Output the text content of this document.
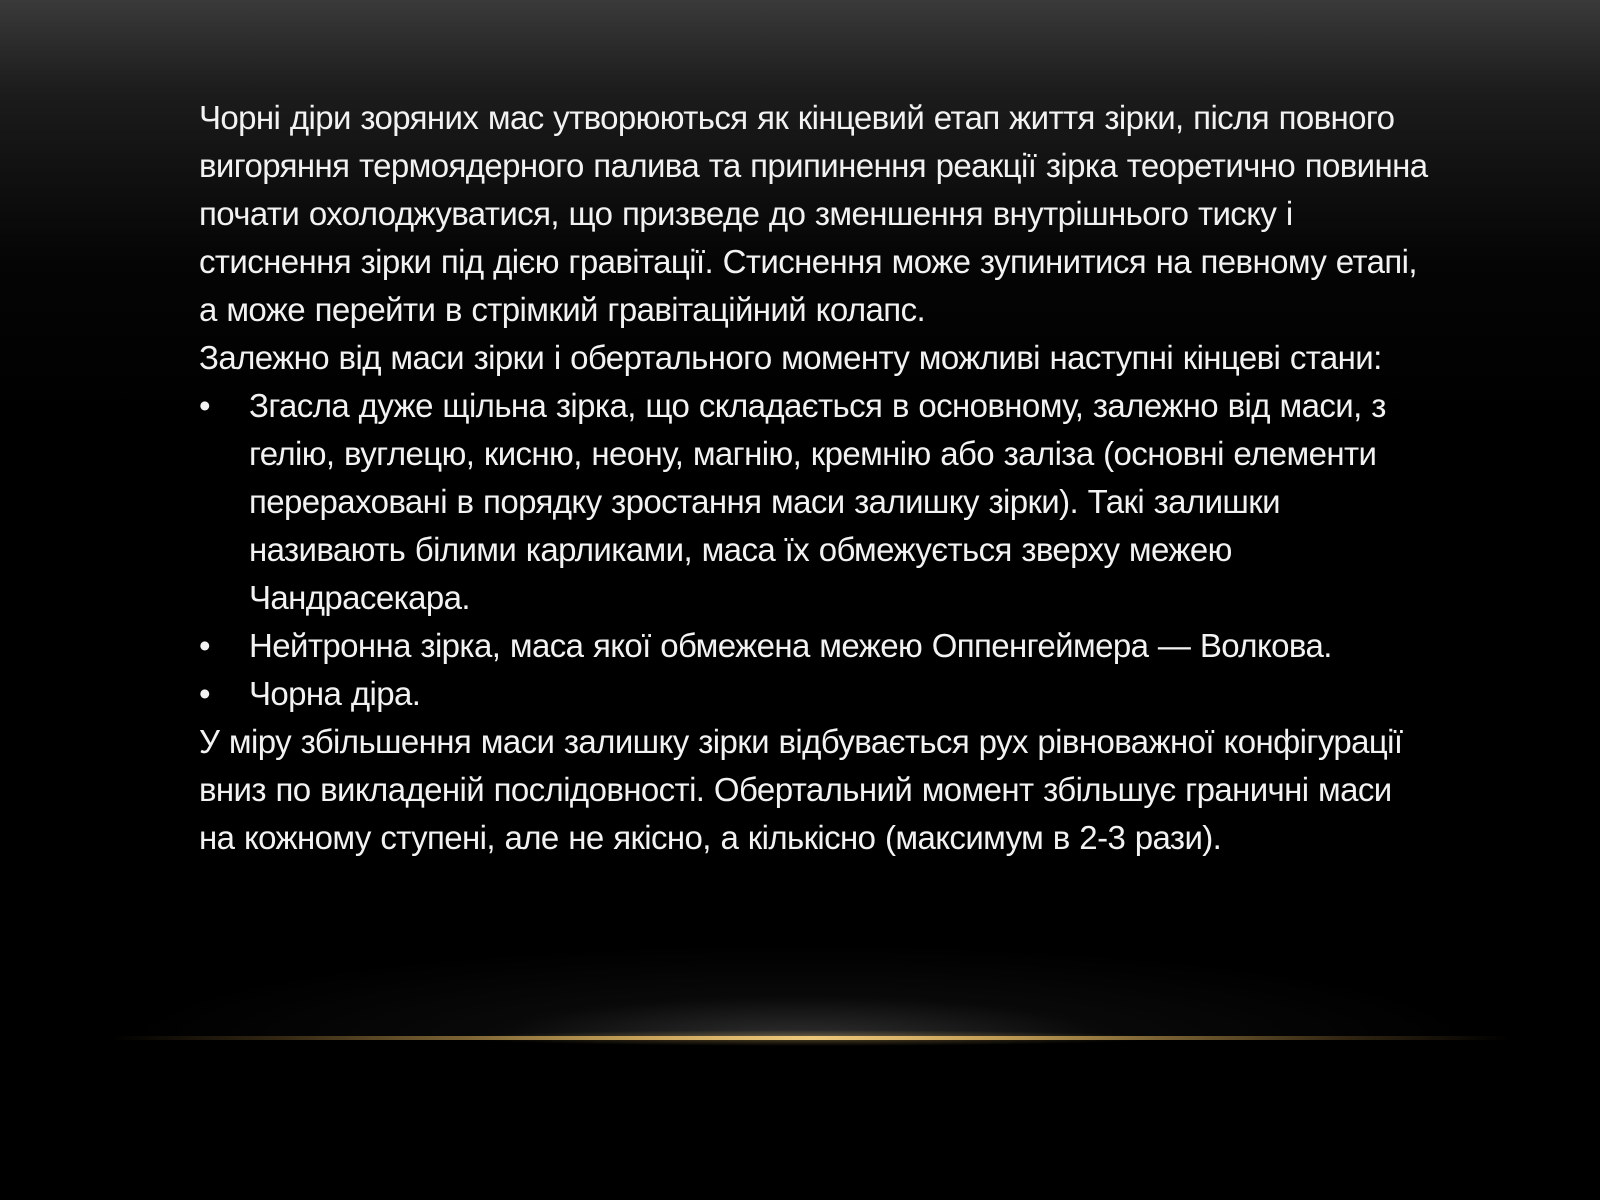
Чорні діри зоряних мас утворюються як кінцевий етап життя зірки, після повного вигоряння термоядерного палива та припинення реакції зірка теоретично повинна почати охолоджуватися, що призведе до зменшення внутрішнього тиску і стиснення зірки під дією гравітації. Стиснення може зупинитися на певному етапі, а може перейти в стрімкий гравітаційний колапс.

Залежно від маси зірки і обертального моменту можливі наступні кінцеві стани:

•	Згасла дуже щільна зірка, що складається в основному, залежно від маси, з гелію, вуглецю, кисню, неону, магнію, кремнію або заліза (основні елементи перераховані в порядку зростання маси залишку зірки). Такі залишки називають білими карликами, маса їх обмежується зверху межею Чандрасекара.
•	Нейтронна зірка, маса якої обмежена межею Оппенгеймера — Волкова.
•	Чорна діра.

У міру збільшення маси залишку зірки відбувається рух рівноважної конфігурації вниз по викладеній послідовності. Обертальний момент збільшує граничні маси на кожному ступені, але не якісно, а кількісно (максимум в 2-3 рази).
